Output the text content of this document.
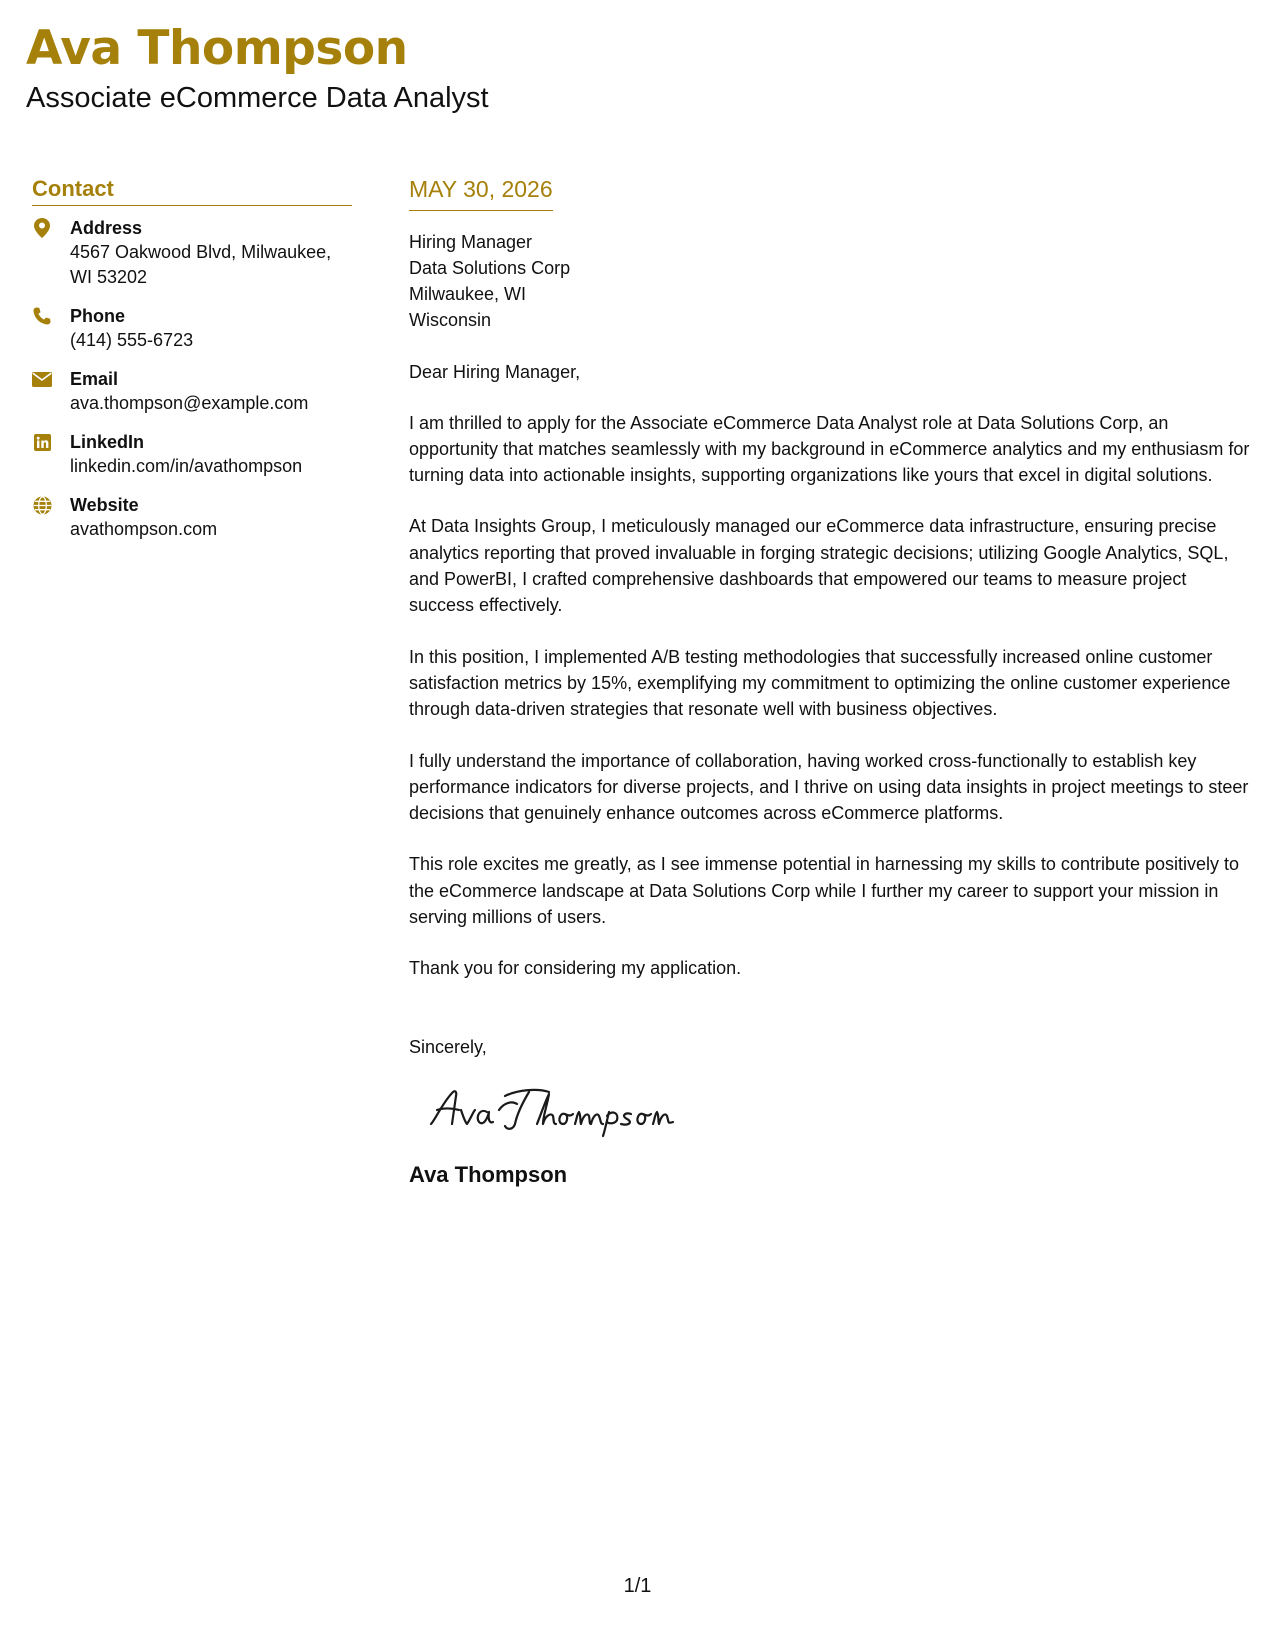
Ava Thompson
Associate eCommerce Data Analyst
Contact
Address
4567 Oakwood Blvd, Milwaukee,
WI 53202
Phone
(414) 555-6723
Email
ava.thompson@example.com
LinkedIn
linkedin.com/in/avathompson
Website
avathompson.com
MAY 30, 2026
Hiring Manager
Data Solutions Corp
Milwaukee, WI
Wisconsin
Dear Hiring Manager,

I am thrilled to apply for the Associate eCommerce Data Analyst role at Data Solutions Corp, an opportunity that matches seamlessly with my background in eCommerce analytics and my enthusiasm for turning data into actionable insights, supporting organizations like yours that excel in digital solutions.

At Data Insights Group, I meticulously managed our eCommerce data infrastructure, ensuring precise analytics reporting that proved invaluable in forging strategic decisions; utilizing Google Analytics, SQL, and PowerBI, I crafted comprehensive dashboards that empowered our teams to measure project success effectively.

In this position, I implemented A/B testing methodologies that successfully increased online customer satisfaction metrics by 15%, exemplifying my commitment to optimizing the online customer experience through data-driven strategies that resonate well with business objectives.

I fully understand the importance of collaboration, having worked cross-functionally to establish key performance indicators for diverse projects, and I thrive on using data insights in project meetings to steer decisions that genuinely enhance outcomes across eCommerce platforms.

This role excites me greatly, as I see immense potential in harnessing my skills to contribute positively to the eCommerce landscape at Data Solutions Corp while I further my career to support your mission in serving millions of users.

Thank you for considering my application.

Sincerely,
Ava Thompson
1/1
